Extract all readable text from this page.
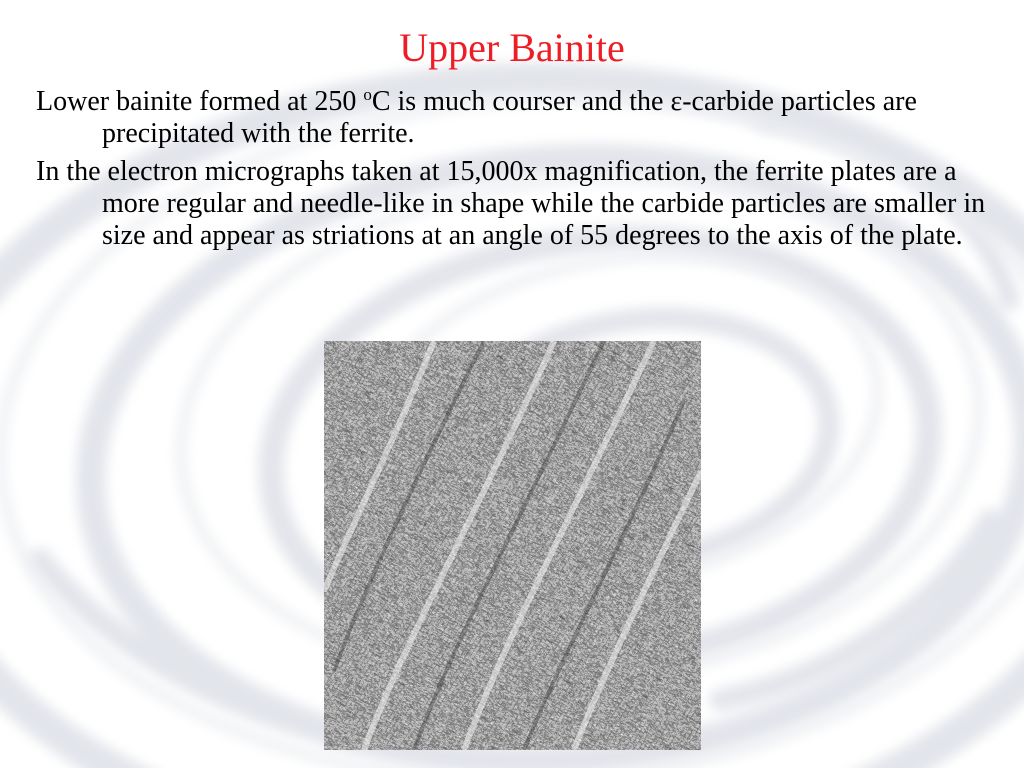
Upper Bainite

Lower bainite formed at 250 $^o$C is much courser and the ε-carbide particles are precipitated with the ferrite.

In the electron micrographs taken at 15,000x magnification, the ferrite plates are a more regular and needle-like in shape while the carbide particles are smaller in size and appear as striations at an angle of 55 degrees to the axis of the plate.
